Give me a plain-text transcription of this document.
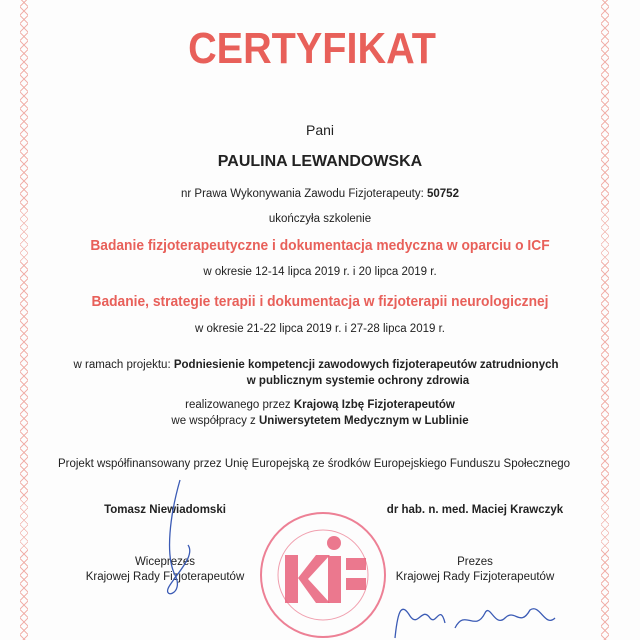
CERTYFIKAT
Pani
PAULINA LEWANDOWSKA
nr Prawa Wykonywania Zawodu Fizjoterapeuty: 50752
ukończyła szkolenie
Badanie fizjoterapeutyczne i dokumentacja medyczna w oparciu o ICF
w okresie 12-14 lipca 2019 r. i 20 lipca 2019 r.
Badanie, strategie terapii i dokumentacja w fizjoterapii neurologicznej
w okresie 21-22 lipca 2019 r. i 27-28 lipca 2019 r.
w ramach projektu: Podniesienie kompetencji zawodowych fizjoterapeutów zatrudnionych
w publicznym systemie ochrony zdrowia
realizowanego przez Krajową Izbę Fizjoterapeutów
we współpracy z Uniwersytetem Medycznym w Lublinie
Projekt współfinansowany przez Unię Europejską ze środków Europejskiego Funduszu Społecznego
Tomasz Niewiadomski
Wiceprezes
Krajowej Rady Fizjoterapeutów
dr hab. n. med. Maciej Krawczyk
Prezes
Krajowej Rady Fizjoterapeutów
